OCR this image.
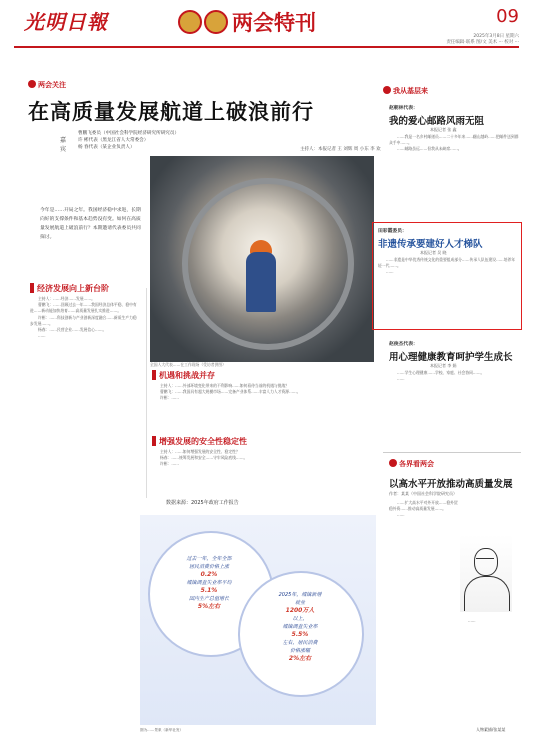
光明日報	两会特刊	09
2025年3月8日 星期六
责任编辑·联系 图/文 美术 ··· 校对 ···
两会关注
在高质量发展航道上破浪前行
嘉宾
曹鹏飞委员（中国社会科学院经济研究所研究员）
许 彬代表（黑龙江省人大常委会）
杨 春代表（某企业负责人）	主持人：本报记者 王 刘辉 周 小东 李 欢
今年是……开局之年。我国经济稳中求进，长期向好的支撑条件和基本趋势没有变。如何在高质量发展航道上破浪前行？本期邀请代表委员共同探讨。
全国人大代表……在工作现场（受访者供图）
经济发展向上新台阶

主持人：……经济……发展……。

曹鹏飞：……回顾过去一年……我国经济总体平稳、稳中有进……新动能加快培育……高质量发展扎实推进……。

许彬：……科技创新与产业创新深度融合……新质生产力稳步发展……。

杨春：……民营企业……发展信心……。

……

机遇和挑战并存

主持人：……外部环境变化带来的不利影响……如何看待当前的机遇与挑战？

曹鹏飞：……我国具有超大规模市场……完备产业体系……丰富人力人才资源……。

许彬：……

增强发展的安全性稳定性

主持人：……如何增强发展的安全性、稳定性？

杨春：……统筹发展和安全……守牢风险底线……。

许彬：……

数据来源：2025年政府工作报告
过去一年，全年全部
居民消费价格上涨
0.2%
城镇调查失业率平均
5.1%
国内生产总值增长
5%左右
2025年，城镇新增
就业
1200万人
以上，
城镇调查失业率
5.5%
左右，居民消费
价格涨幅
2%左右
图为……景象（新华社发）
我从基层来
赵朝林代表：
我的爱心邮路风雨无阻
本报记者 张 鑫

……我是一名乡村邮递员……二十多年来……翻山越岭……把邮件送到群众手中……。

……邮路虽远……但我从未缺席……。

田彩霞委员：
非遗传承要建好人才梯队
本报记者 吴 晓

……非遗是中华优秀传统文化的重要组成部分……传承人队伍建设……培养年轻一代……。

……

赵俊杰代表：
用心理健康教育呵护学生成长
本报记者 李 娟

……学生心理健康……学校、家庭、社会协同……。

……

各界看两会
以高水平开放推动高质量发展
作者：某某（中国社会科学院研究员）

……扩大高水平对外开放……稳外贸稳外资……推动高质量发展……。

……

……

人物素描/张某某
